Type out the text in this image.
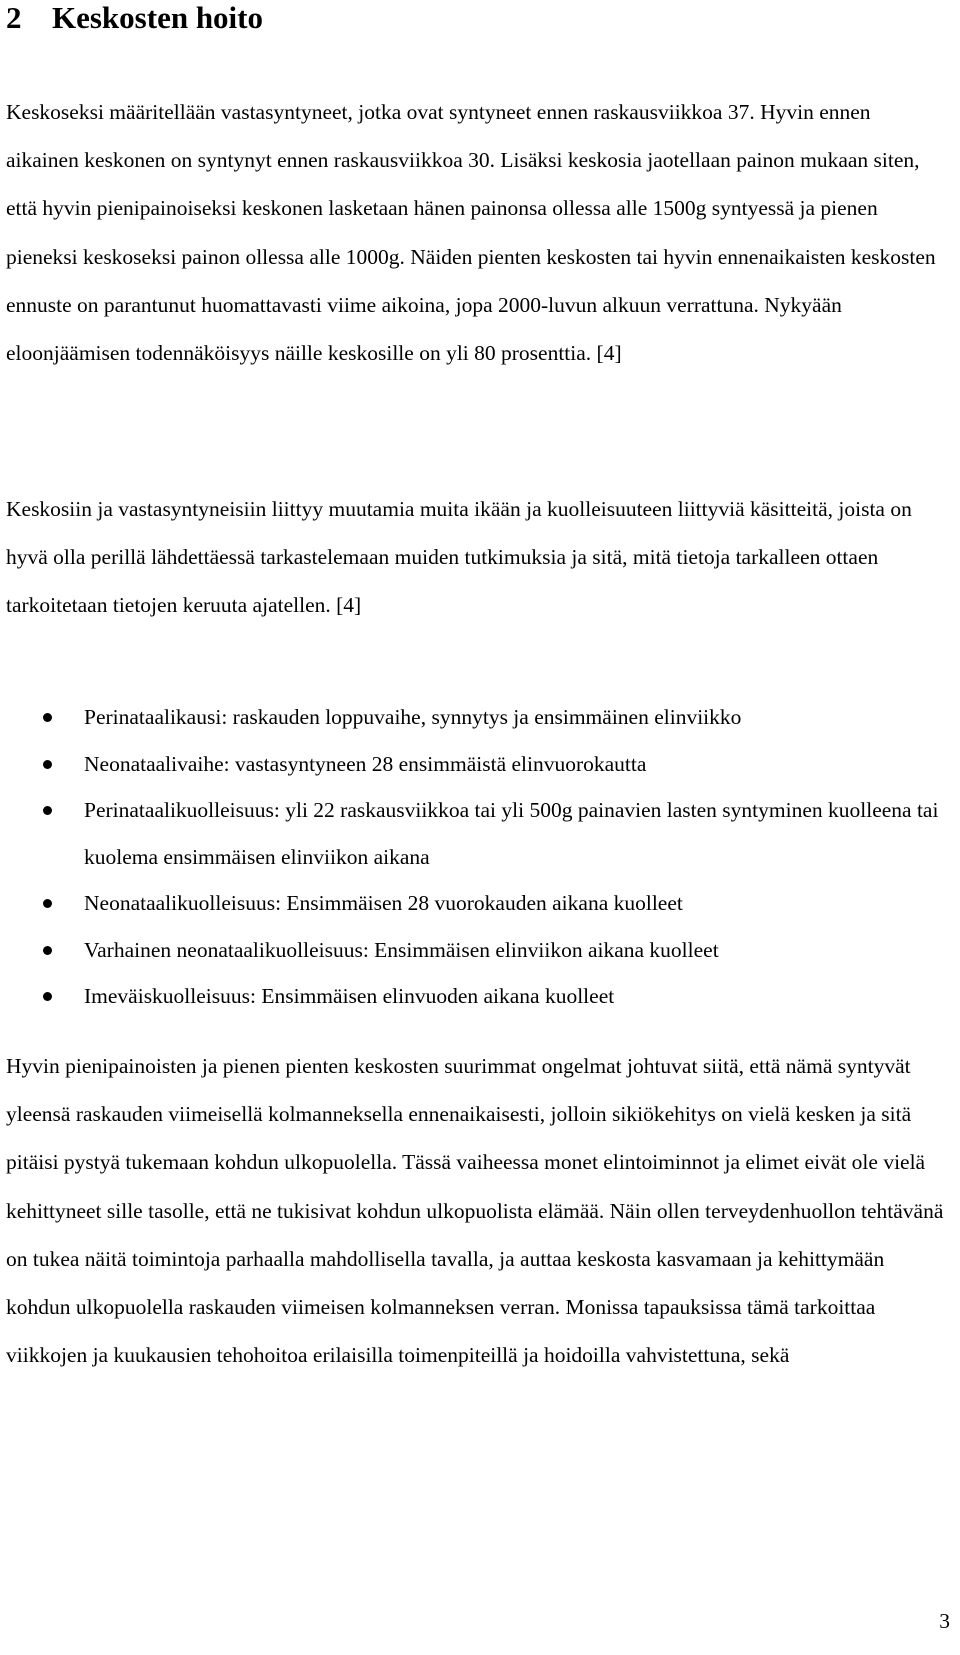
2 Keskosten hoito

Keskoseksi määritellään vastasyntyneet, jotka ovat syntyneet ennen raskausviikkoa 37. Hyvin ennen aikainen keskonen on syntynyt ennen raskausviikkoa 30. Lisäksi keskosia jaotellaan painon mukaan siten, että hyvin pienipainoiseksi keskonen lasketaan hänen painonsa ollessa alle 1500g syntyessä ja pienen pieneksi keskoseksi painon ollessa alle 1000g. Näiden pienten keskosten tai hyvin ennenaikaisten keskosten ennuste on parantunut huomattavasti viime aikoina, jopa 2000-luvun alkuun verrattuna. Nykyään eloonjäämisen todennäköisyys näille keskosille on yli 80 prosenttia. [4]

Keskosiin ja vastasyntyneisiin liittyy muutamia muita ikään ja kuolleisuuteen liittyviä käsitteitä, joista on hyvä olla perillä lähdettäessä tarkastelemaan muiden tutkimuksia ja sitä, mitä tietoja tarkalleen ottaen tarkoitetaan tietojen keruuta ajatellen. [4]

Perinataalikausi: raskauden loppuvaihe, synnytys ja ensimmäinen elinviikko
Neonataalivaihe: vastasyntyneen 28 ensimmäistä elinvuorokautta
Perinataalikuolleisuus: yli 22 raskausviikkoa tai yli 500g painavien lasten syntyminen kuolleena tai kuolema ensimmäisen elinviikon aikana
Neonataalikuolleisuus: Ensimmäisen 28 vuorokauden aikana kuolleet
Varhainen neonataalikuolleisuus: Ensimmäisen elinviikon aikana kuolleet
Imeväiskuolleisuus: Ensimmäisen elinvuoden aikana kuolleet

Hyvin pienipainoisten ja pienen pienten keskosten suurimmat ongelmat johtuvat siitä, että nämä syntyvät yleensä raskauden viimeisellä kolmanneksella ennenaikaisesti, jolloin sikiökehitys on vielä kesken ja sitä pitäisi pystyä tukemaan kohdun ulkopuolella. Tässä vaiheessa monet elintoiminnot ja elimet eivät ole vielä kehittyneet sille tasolle, että ne tukisivat kohdun ulkopuolista elämää. Näin ollen terveydenhuollon tehtävänä on tukea näitä toimintoja parhaalla mahdollisella tavalla, ja auttaa keskosta kasvamaan ja kehittymään kohdun ulkopuolella raskauden viimeisen kolmanneksen verran. Monissa tapauksissa tämä tarkoittaa viikkojen ja kuukausien tehohoitoa erilaisilla toimenpiteillä ja hoidoilla vahvistettuna, sekä

3
